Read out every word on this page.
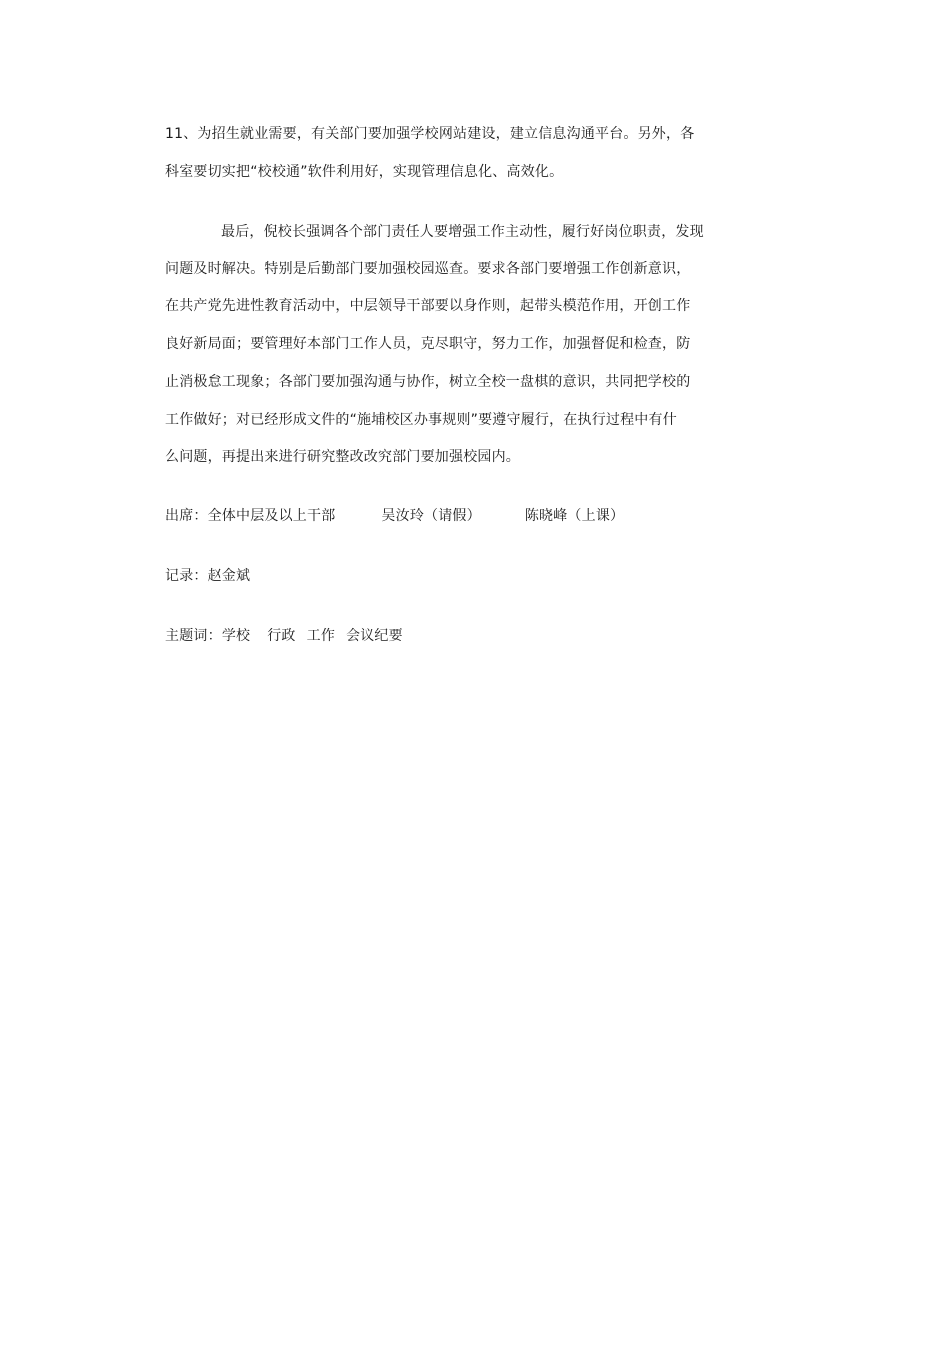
11、为招生就业需要，有关部门要加强学校网站建设，建立信息沟通平台。另外，各
科室要切实把“校校通”软件利用好，实现管理信息化、高效化。
最后，倪校长强调各个部门责任人要增强工作主动性，履行好岗位职责，发现
问题及时解决。特别是后勤部门要加强校园巡查。要求各部门要增强工作创新意识，
在共产党先进性教育活动中，中层领导干部要以身作则，起带头模范作用，开创工作
良好新局面；要管理好本部门工作人员，克尽职守，努力工作，加强督促和检查，防
止消极怠工现象；各部门要加强沟通与协作，树立全校一盘棋的意识，共同把学校的
工作做好；对已经形成文件的“施埔校区办事规则”要遵守履行，在执行过程中有什
么问题，再提出来进行研究整改改究部门要加强校园内。
出席：全体中层及以上干部	吴汝玲（请假）	陈晓峰（上课）
记录：赵金斌
主题词：学校 行政 工作 会议纪要
